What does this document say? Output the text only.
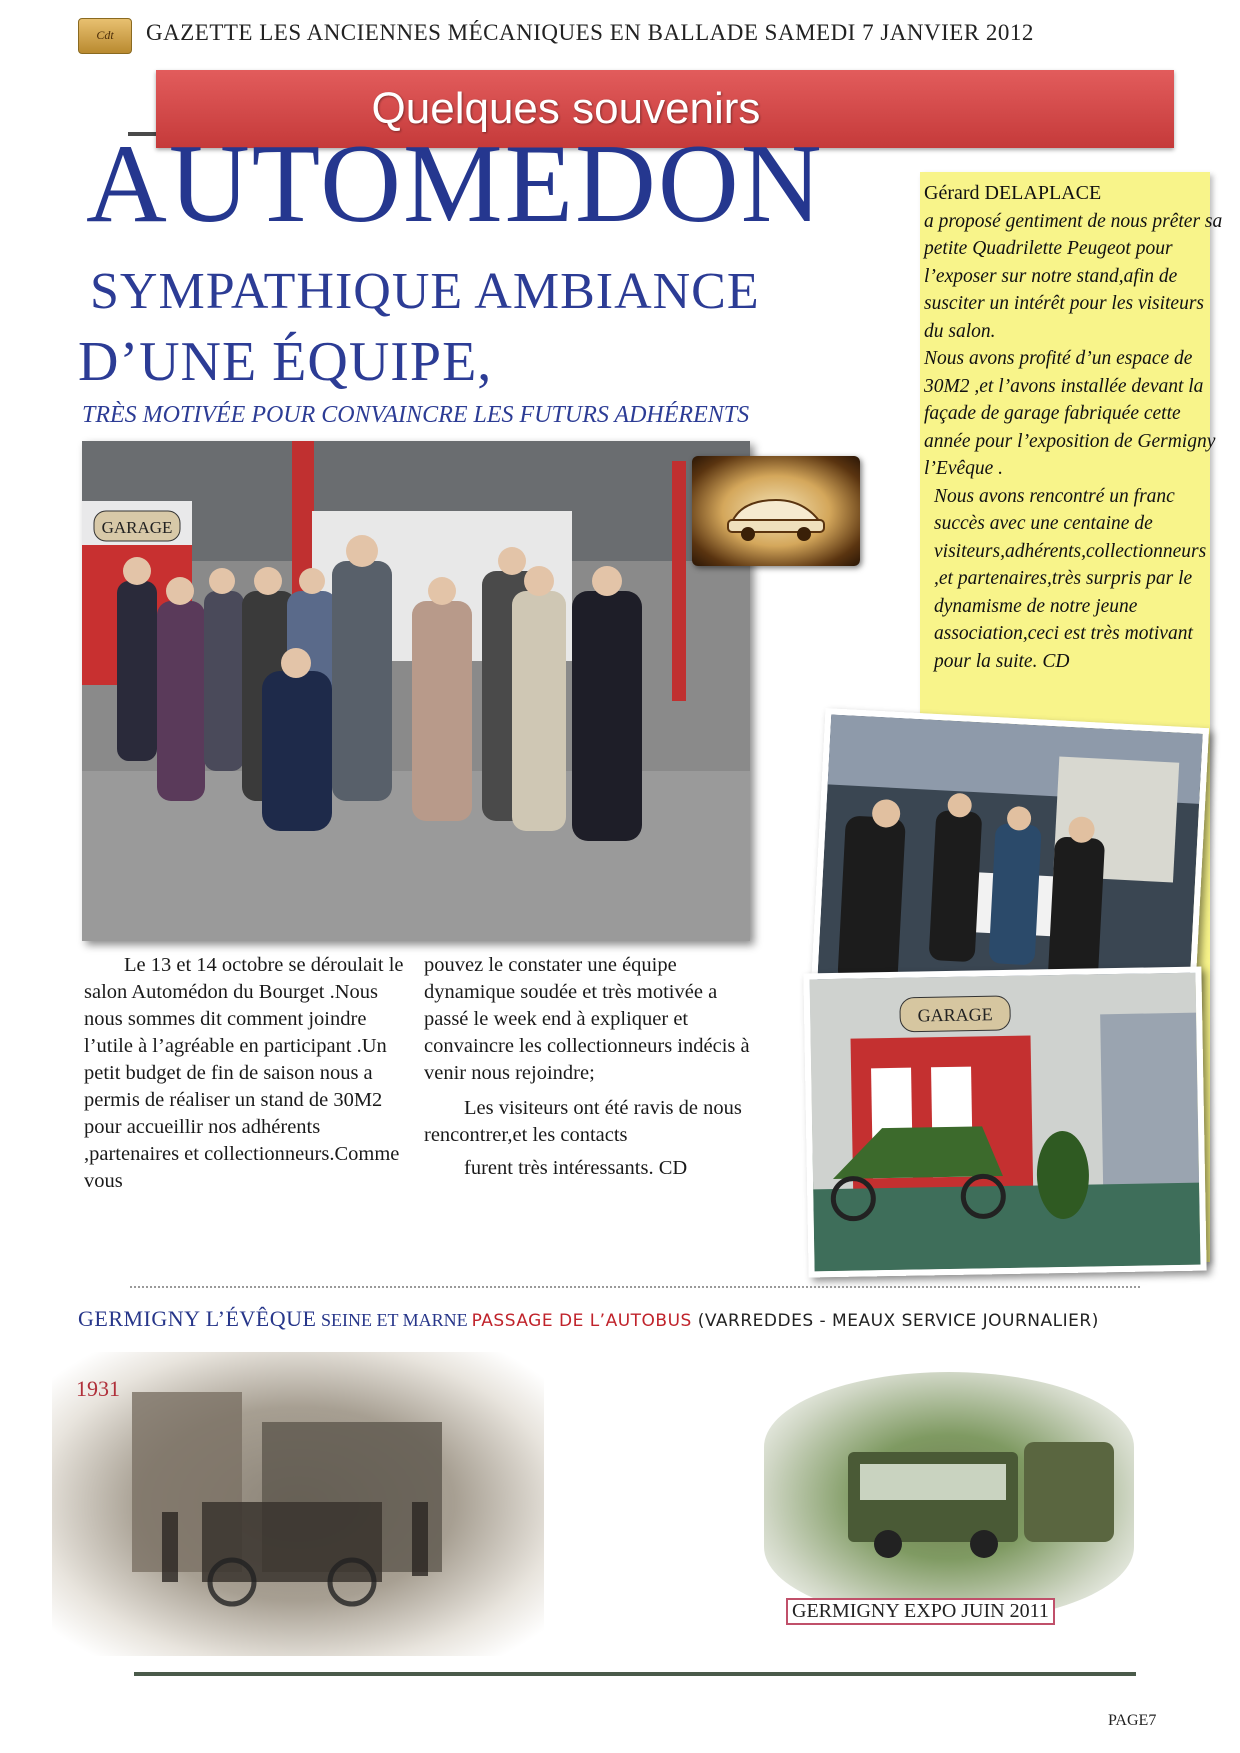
Cdt	GAZETTE LES ANCIENNES MÉCANIQUES EN BALLADE SAMEDI 7 JANVIER 2012
Quelques souvenirs
AUTOMEDON
SYMPATHIQUE AMBIANCE
D’UNE ÉQUIPE,
TRÈS MOTIVÉE POUR CONVAINCRE LES FUTURS ADHÉRENTS

Gérard DELAPLACE

a proposé gentiment de nous prêter sa petite Quadrilette Peugeot pour l’exposer sur notre stand,afin de susciter un intérêt pour les visiteurs du salon.

Nous avons profité d’un espace de 30M2 ,et l’avons installée devant la façade de garage fabriquée cette année pour l’exposition de Germigny l’Evêque .

Nous avons rencontré un franc succès avec une centaine de visiteurs,adhérents,collectionneurs ,et partenaires,très surpris par le dynamisme de notre jeune association,ceci est très motivant pour la suite. CD

GARAGE
GARAGE

Le 13 et 14 octobre se déroulait le salon Automédon du Bourget .Nous nous sommes dit comment joindre l’utile à l’agréable en participant .Un petit budget de fin de saison nous a permis de réaliser un stand de 30M2 pour accueillir nos adhérents ,partenaires et collectionneurs.Comme vous

pouvez le constater une équipe dynamique soudée et très motivée a passé le week end à expliquer et convaincre les collectionneurs indécis à venir nous rejoindre;

Les visiteurs ont été ravis de nous rencontrer,et les contacts

furent très intéressants. CD

GERMIGNY L’ÉVÊQUE SEINE ET MARNE PASSAGE DE L’AUTOBUS (VARREDDES - MEAUX SERVICE JOURNALIER)
1931
GERMIGNY EXPO JUIN 2011
PAGE7
